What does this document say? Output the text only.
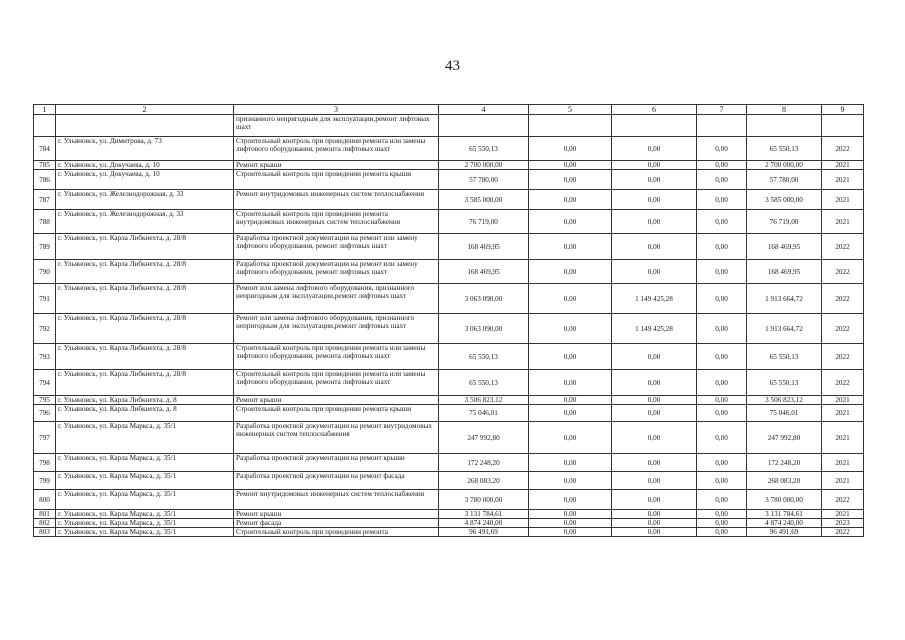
43
1	2	3	4	5	6	7	8	9
		признанного непригодным для эксплуатации,ремонт лифтовых шахт						
784	г. Ульяновск, ул. Димитрова, д. 73	Строительный контроль при проведении ремонта или замены лифтового оборудования, ремонта лифтовых шахт	65 550,13	0,00	0,00	0,00	65 550,13	2022
785	г. Ульяновск, ул. Докучаева, д. 10	Ремонт крыши	2 700 000,00	0,00	0,00	0,00	2 700 000,00	2021
786	г. Ульяновск, ул. Докучаева, д. 10	Строительный контроль при проведении ремонта крыши	57 780,00	0,00	0,00	0,00	57 780,00	2021
787	г. Ульяновск, ул. Железнодорожная, д. 33	Ремонт внутридомовых инженерных систем теплоснабжения	3 585 000,00	0,00	0,00	0,00	3 585 000,00	2021
788	г. Ульяновск, ул. Железнодорожная, д. 33	Строительный контроль при проведении ремонта внутридомовых инженерных систем теплоснабжения	76 719,00	0,00	0,00	0,00	76 719,00	2021
789	г. Ульяновск, ул. Карла Либкнехта, д. 28/8	Разработка проектной документации на ремонт или замену лифтового оборудования, ремонт лифтовых шахт	168 469,95	0,00	0,00	0,00	168 469,95	2022
790	г. Ульяновск, ул. Карла Либкнехта, д. 28/8	Разработка проектной документации на ремонт или замену лифтового оборудования, ремонт лифтовых шахт	168 469,95	0,00	0,00	0,00	168 469,95	2022
791	г. Ульяновск, ул. Карла Либкнехта, д. 28/8	Ремонт или замена лифтового оборудования, признанного непригодным для эксплуатации,ремонт лифтовых шахт	3 063 090,00	0,00	1 149 425,28	0,00	1 913 664,72	2022
792	г. Ульяновск, ул. Карла Либкнехта, д. 28/8	Ремонт или замена лифтового оборудования, признанного непригодным для эксплуатации,ремонт лифтовых шахт	3 063 090,00	0,00	1 149 425,28	0,00	1 913 664,72	2022
793	г. Ульяновск, ул. Карла Либкнехта, д. 28/8	Строительный контроль при проведении ремонта или замены лифтового оборудования, ремонта лифтовых шахт	65 550,13	0,00	0,00	0,00	65 550,13	2022
794	г. Ульяновск, ул. Карла Либкнехта, д. 28/8	Строительный контроль при проведении ремонта или замены лифтового оборудования, ремонта лифтовых шахт	65 550,13	0,00	0,00	0,00	65 550,13	2022
795	г. Ульяновск, ул. Карла Либкнехта, д. 8	Ремонт крыши	3 506 823,12	0,00	0,00	0,00	3 506 823,12	2021
796	г. Ульяновск, ул. Карла Либкнехта, д. 8	Строительный контроль при проведении ремонта крыши	75 046,01	0,00	0,00	0,00	75 046,01	2021
797	г. Ульяновск, ул. Карла Маркса, д. 35/1	Разработка проектной документации на ремонт внутридомовых инженерных систем теплоснабжения	247 992,80	0,00	0,00	0,00	247 992,80	2021
798	г. Ульяновск, ул. Карла Маркса, д. 35/1	Разработка проектной документации на ремонт крыши	172 248,20	0,00	0,00	0,00	172 248,20	2021
799	г. Ульяновск, ул. Карла Маркса, д. 35/1	Разработка проектной документации на ремонт фасада	268 083,20	0,00	0,00	0,00	268 083,20	2021
800	г. Ульяновск, ул. Карла Маркса, д. 35/1	Ремонт внутридомовых инженерных систем теплоснабжения	3 780 000,00	0,00	0,00	0,00	3 780 000,00	2022
801	г. Ульяновск, ул. Карла Маркса, д. 35/1	Ремонт крыши	3 131 784,61	0,00	0,00	0,00	3 131 784,61	2021
802	г. Ульяновск, ул. Карла Маркса, д. 35/1	Ремонт фасада	4 874 240,00	0,00	0,00	0,00	4 874 240,00	2023
803	г. Ульяновск, ул. Карла Маркса, д. 35/1	Строительный контроль при проведении ремонта	96 491,69	0,00	0,00	0,00	96 491,69	2022
